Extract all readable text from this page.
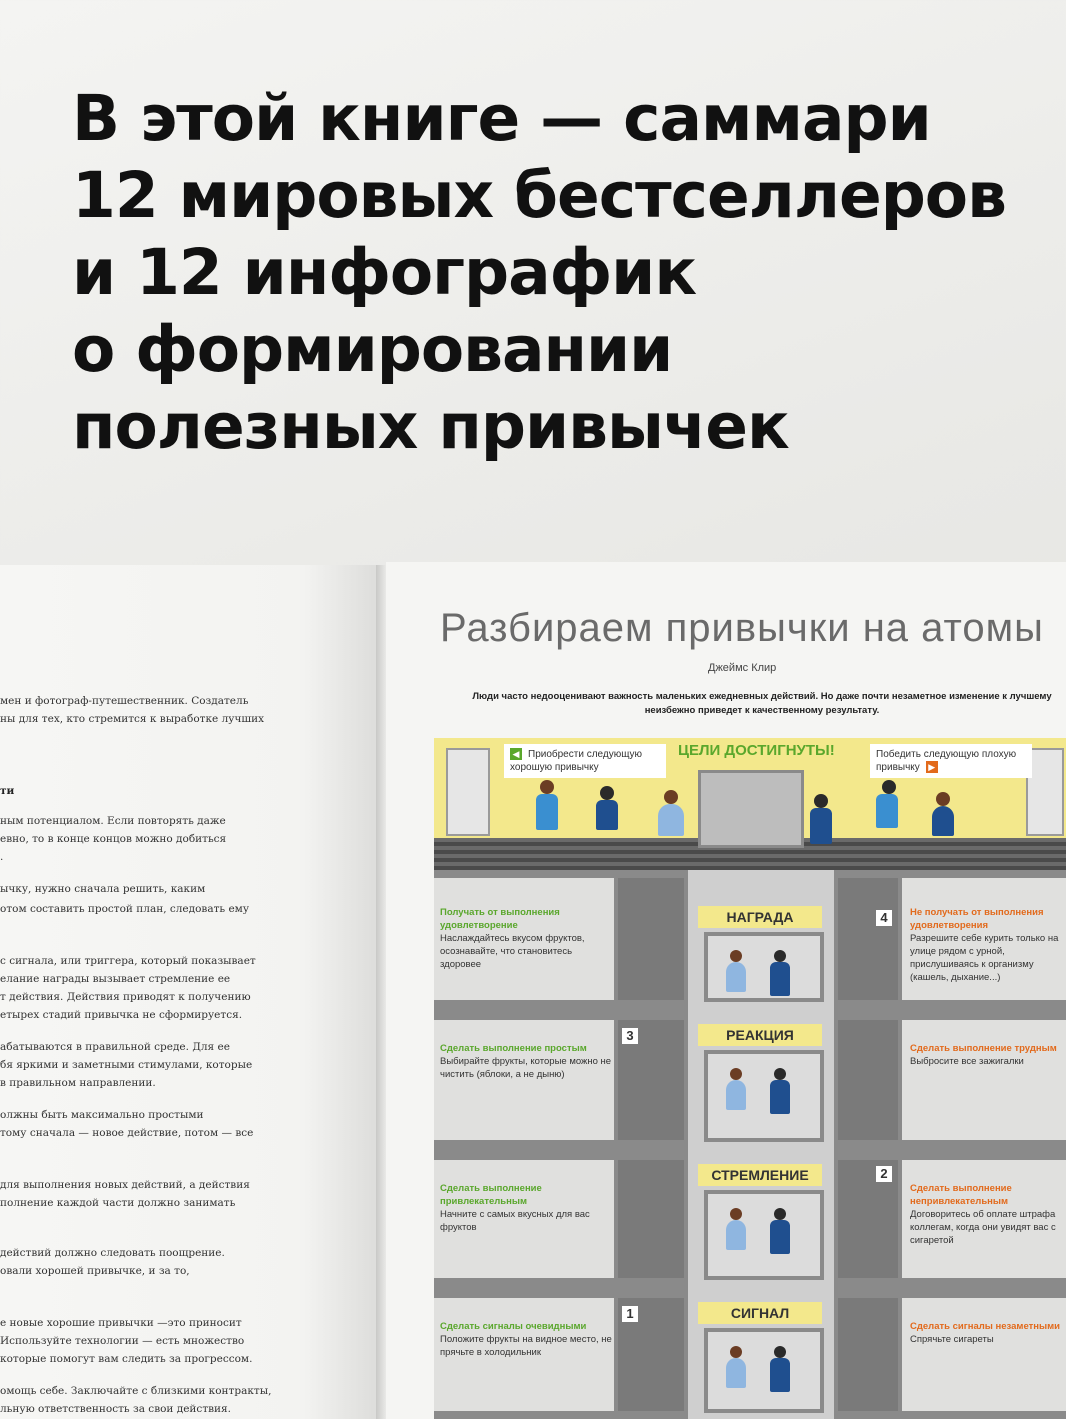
В этой книге — саммари
12 мировых бестселлеров
и 12 инфографик
о формировании
полезных привычек
мен и фотограф-путешественник. Создатель
ны для тех, кто стремится к выработке лучших
ти
ным потенциалом. Если повторять даже
евно, то в конце концов можно добиться
.
ычку, нужно сначала решить, каким
отом составить простой план, следовать ему
с сигнала, или триггера, который показывает
елание награды вызывает стремление ее
т действия. Действия приводят к получению
етырех стадий привычка не сформируется.
абатываются в правильной среде. Для ее
бя яркими и заметными стимулами, которые
в правильном направлении.
олжны быть максимально простыми
тому сначала — новое действие, потом — все
для выполнения новых действий, а действия
полнение каждой части должно занимать
действий должно следовать поощрение.
овали хорошей привычке, и за то,
е новые хорошие привычки —это приносит
Используйте технологии — есть множество
которые помогут вам следить за прогрессом.
омощь себе. Заключайте с близкими контракты,
льную ответственность за свои действия.
Разбираем привычки на атомы
Джеймс Клир
Люди часто недооценивают важность маленьких ежедневных действий. Но даже почти незаметное изменение к лучшему неизбежно приведет к качественному результату.
ЦЕЛИ ДОСТИГНУТЫ!
◀ Приобрести следующую хорошую привычку
Победить следующую плохую привычку ▶
НАГРАДА	4
Получать от выполнения удовлетворение
Наслаждайтесь вкусом фруктов, осознавайте, что становитесь здоровее
Не получать от выполнения удовлетворения
Разрешите себе курить только на улице рядом с урной, прислушиваясь к организму (кашель, дыхание...)
РЕАКЦИЯ
3
Сделать выполнение простым
Выбирайте фрукты, которые можно не чистить (яблоки, а не дыню)
Сделать выполнение трудным
Выбросите все зажигалки
СТРЕМЛЕНИЕ	2
Сделать выполнение привлекательным
Начните с самых вкусных для вас фруктов
Сделать выполнение непривлекательным
Договоритесь об оплате штрафа коллегам, когда они увидят вас с сигаретой
СИГНАЛ
1
Сделать сигналы очевидными
Положите фрукты на видное место, не прячьте в холодильник
Сделать сигналы незаметными
Спрячьте сигареты
